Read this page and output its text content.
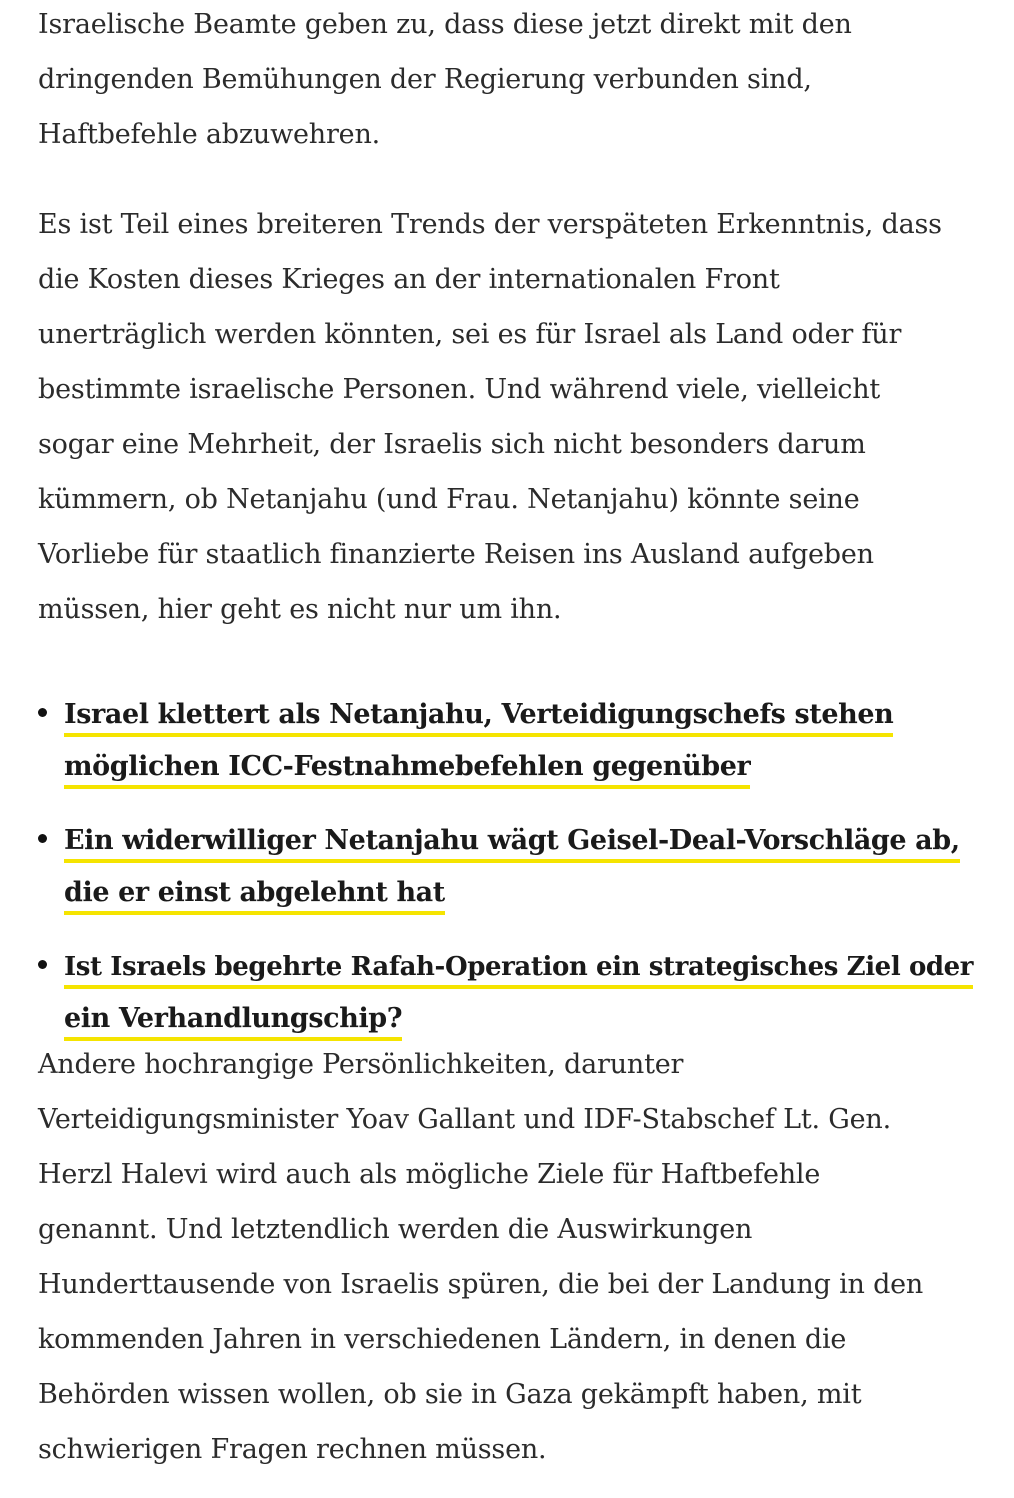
Israelische Beamte geben zu, dass diese jetzt direkt mit den
dringenden Bemühungen der Regierung verbunden sind,
Haftbefehle abzuwehren.

Es ist Teil eines breiteren Trends der verspäteten Erkenntnis, dass
die Kosten dieses Krieges an der internationalen Front
unerträglich werden könnten, sei es für Israel als Land oder für
bestimmte israelische Personen. Und während viele, vielleicht
sogar eine Mehrheit, der Israelis sich nicht besonders darum
kümmern, ob Netanjahu (und Frau. Netanjahu) könnte seine
Vorliebe für staatlich finanzierte Reisen ins Ausland aufgeben
müssen, hier geht es nicht nur um ihn.

Israel klettert als Netanjahu, Verteidigungschefs stehen
möglichen ICC-Festnahmebefehlen gegenüber
Ein widerwilliger Netanjahu wägt Geisel-Deal-Vorschläge ab,
die er einst abgelehnt hat
Ist Israels begehrte Rafah-Operation ein strategisches Ziel oder
ein Verhandlungschip?

Andere hochrangige Persönlichkeiten, darunter
Verteidigungsminister Yoav Gallant und IDF-Stabschef Lt. Gen.
Herzl Halevi wird auch als mögliche Ziele für Haftbefehle
genannt. Und letztendlich werden die Auswirkungen
Hunderttausende von Israelis spüren, die bei der Landung in den
kommenden Jahren in verschiedenen Ländern, in denen die
Behörden wissen wollen, ob sie in Gaza gekämpft haben, mit
schwierigen Fragen rechnen müssen.
